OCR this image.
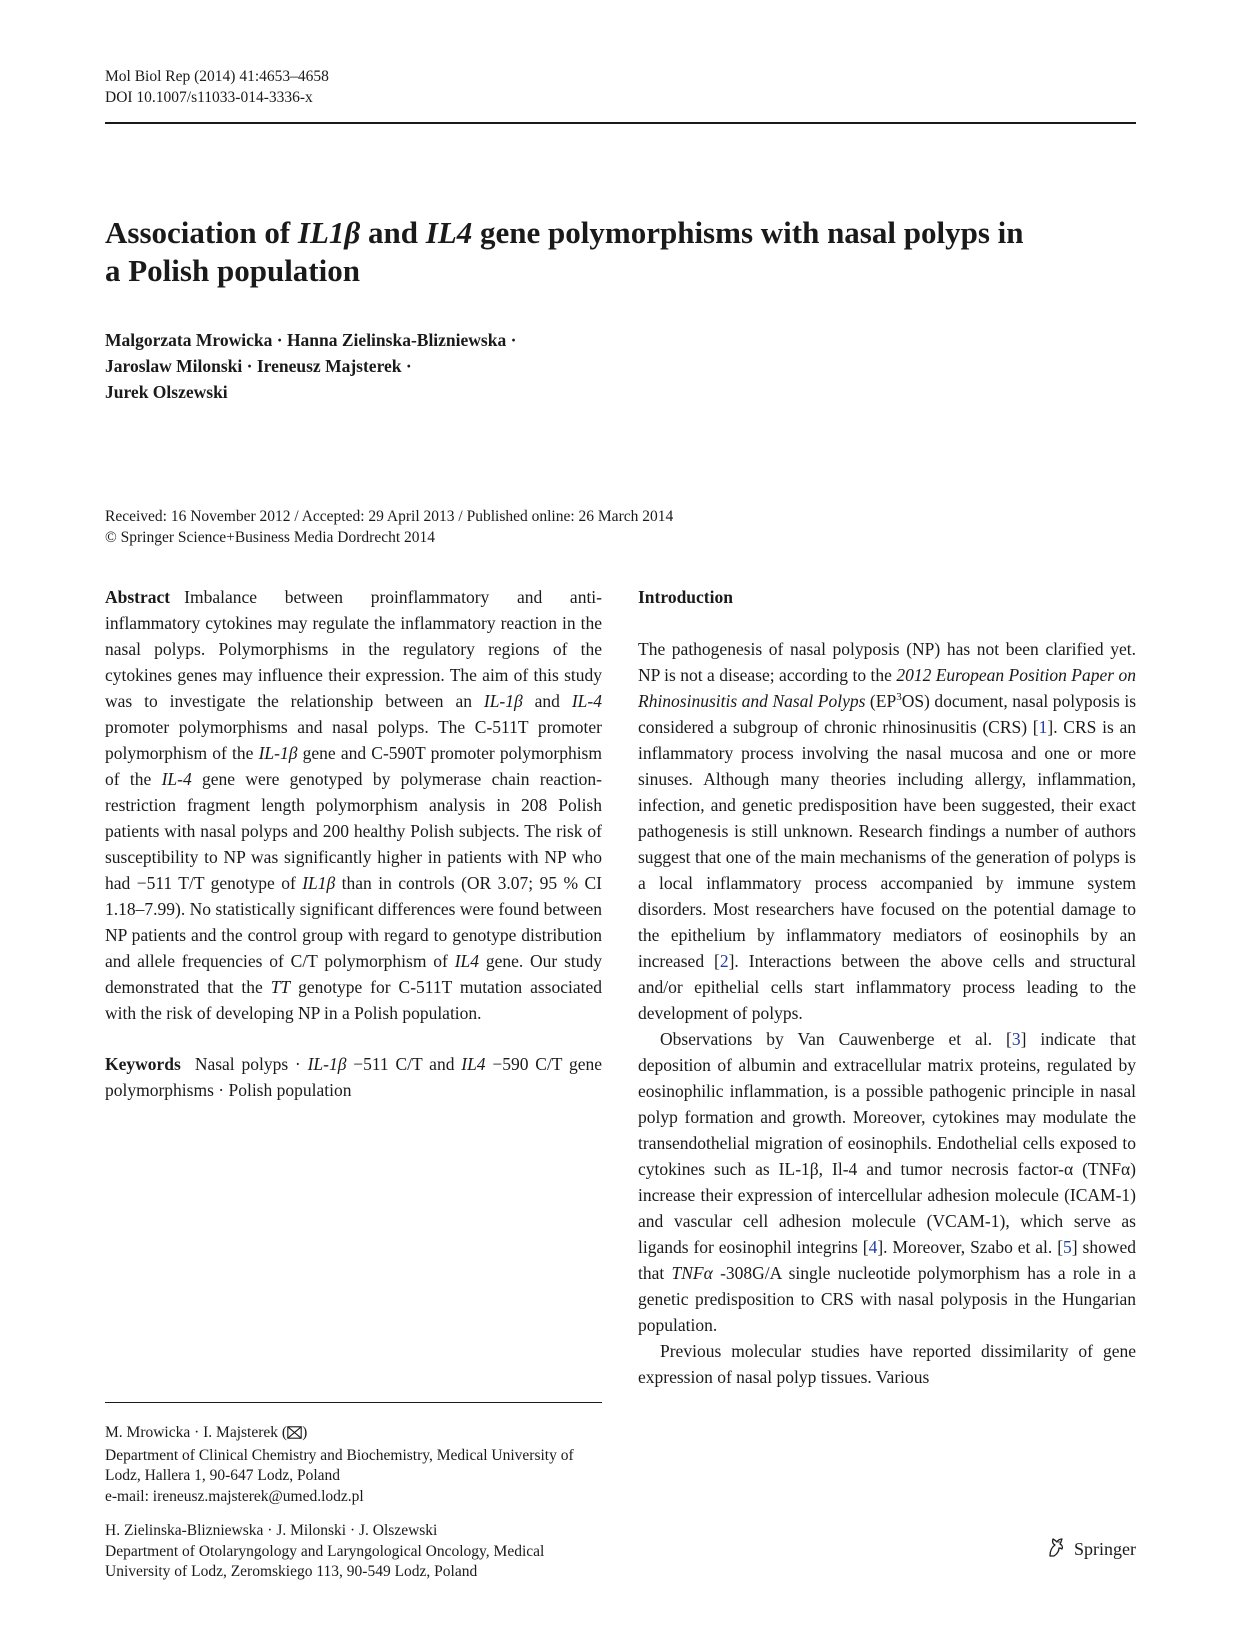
Mol Biol Rep (2014) 41:4653–4658
DOI 10.1007/s11033-014-3336-x
Association of IL1β and IL4 gene polymorphisms with nasal polyps in a Polish population
Malgorzata Mrowicka · Hanna Zielinska-Blizniewska ·
Jaroslaw Milonski · Ireneusz Majsterek ·
Jurek Olszewski
Received: 16 November 2012 / Accepted: 29 April 2013 / Published online: 26 March 2014
© Springer Science+Business Media Dordrecht 2014

Abstract Imbalance between proinflammatory and anti-inflammatory cytokines may regulate the inflammatory reaction in the nasal polyps. Polymorphisms in the regulatory regions of the cytokines genes may influence their expression. The aim of this study was to investigate the relationship between an IL-1β and IL-4 promoter polymorphisms and nasal polyps. The C-511T promoter polymorphism of the IL-1β gene and C-590T promoter polymorphism of the IL-4 gene were genotyped by polymerase chain reaction-restriction fragment length polymorphism analysis in 208 Polish patients with nasal polyps and 200 healthy Polish subjects. The risk of susceptibility to NP was significantly higher in patients with NP who had −511 T/T genotype of IL1β than in controls (OR 3.07; 95 % CI 1.18–7.99). No statistically significant differences were found between NP patients and the control group with regard to genotype distribution and allele frequencies of C/T polymorphism of IL4 gene. Our study demonstrated that the TT genotype for C-511T mutation associated with the risk of developing NP in a Polish population.

Keywords Nasal polyps · IL-1β −511 C/T and IL4 −590 C/T gene polymorphisms · Polish population

M. Mrowicka · I. Majsterek ( )

Department of Clinical Chemistry and Biochemistry, Medical University of Lodz, Hallera 1, 90-647 Lodz, Poland

e-mail: ireneusz.majsterek@umed.lodz.pl

H. Zielinska-Blizniewska · J. Milonski · J. Olszewski

Department of Otolaryngology and Laryngological Oncology, Medical University of Lodz, Zeromskiego 113, 90-549 Lodz, Poland

Introduction

The pathogenesis of nasal polyposis (NP) has not been clarified yet. NP is not a disease; according to the 2012 European Position Paper on Rhinosinusitis and Nasal Polyps $(EP^3OS)$ document, nasal polyposis is considered a subgroup of chronic rhinosinusitis (CRS) [1]. CRS is an inflammatory process involving the nasal mucosa and one or more sinuses. Although many theories including allergy, inflammation, infection, and genetic predisposition have been suggested, their exact pathogenesis is still unknown. Research findings a number of authors suggest that one of the main mechanisms of the generation of polyps is a local inflammatory process accompanied by immune system disorders. Most researchers have focused on the potential damage to the epithelium by inflammatory mediators of eosinophils by an increased [2]. Interactions between the above cells and structural and/or epithelial cells start inflammatory process leading to the development of polyps.

Observations by Van Cauwenberge et al. [3] indicate that deposition of albumin and extracellular matrix proteins, regulated by eosinophilic inflammation, is a possible pathogenic principle in nasal polyp formation and growth. Moreover, cytokines may modulate the transendothelial migration of eosinophils. Endothelial cells exposed to cytokines such as IL-1β, Il-4 and tumor necrosis factor-α (TNFα) increase their expression of intercellular adhesion molecule (ICAM-1) and vascular cell adhesion molecule (VCAM-1), which serve as ligands for eosinophil integrins [4]. Moreover, Szabo et al. [5] showed that TNFα -308G/A single nucleotide polymorphism has a role in a genetic predisposition to CRS with nasal polyposis in the Hungarian population.

Previous molecular studies have reported dissimilarity of gene expression of nasal polyp tissues. Various

Springer
